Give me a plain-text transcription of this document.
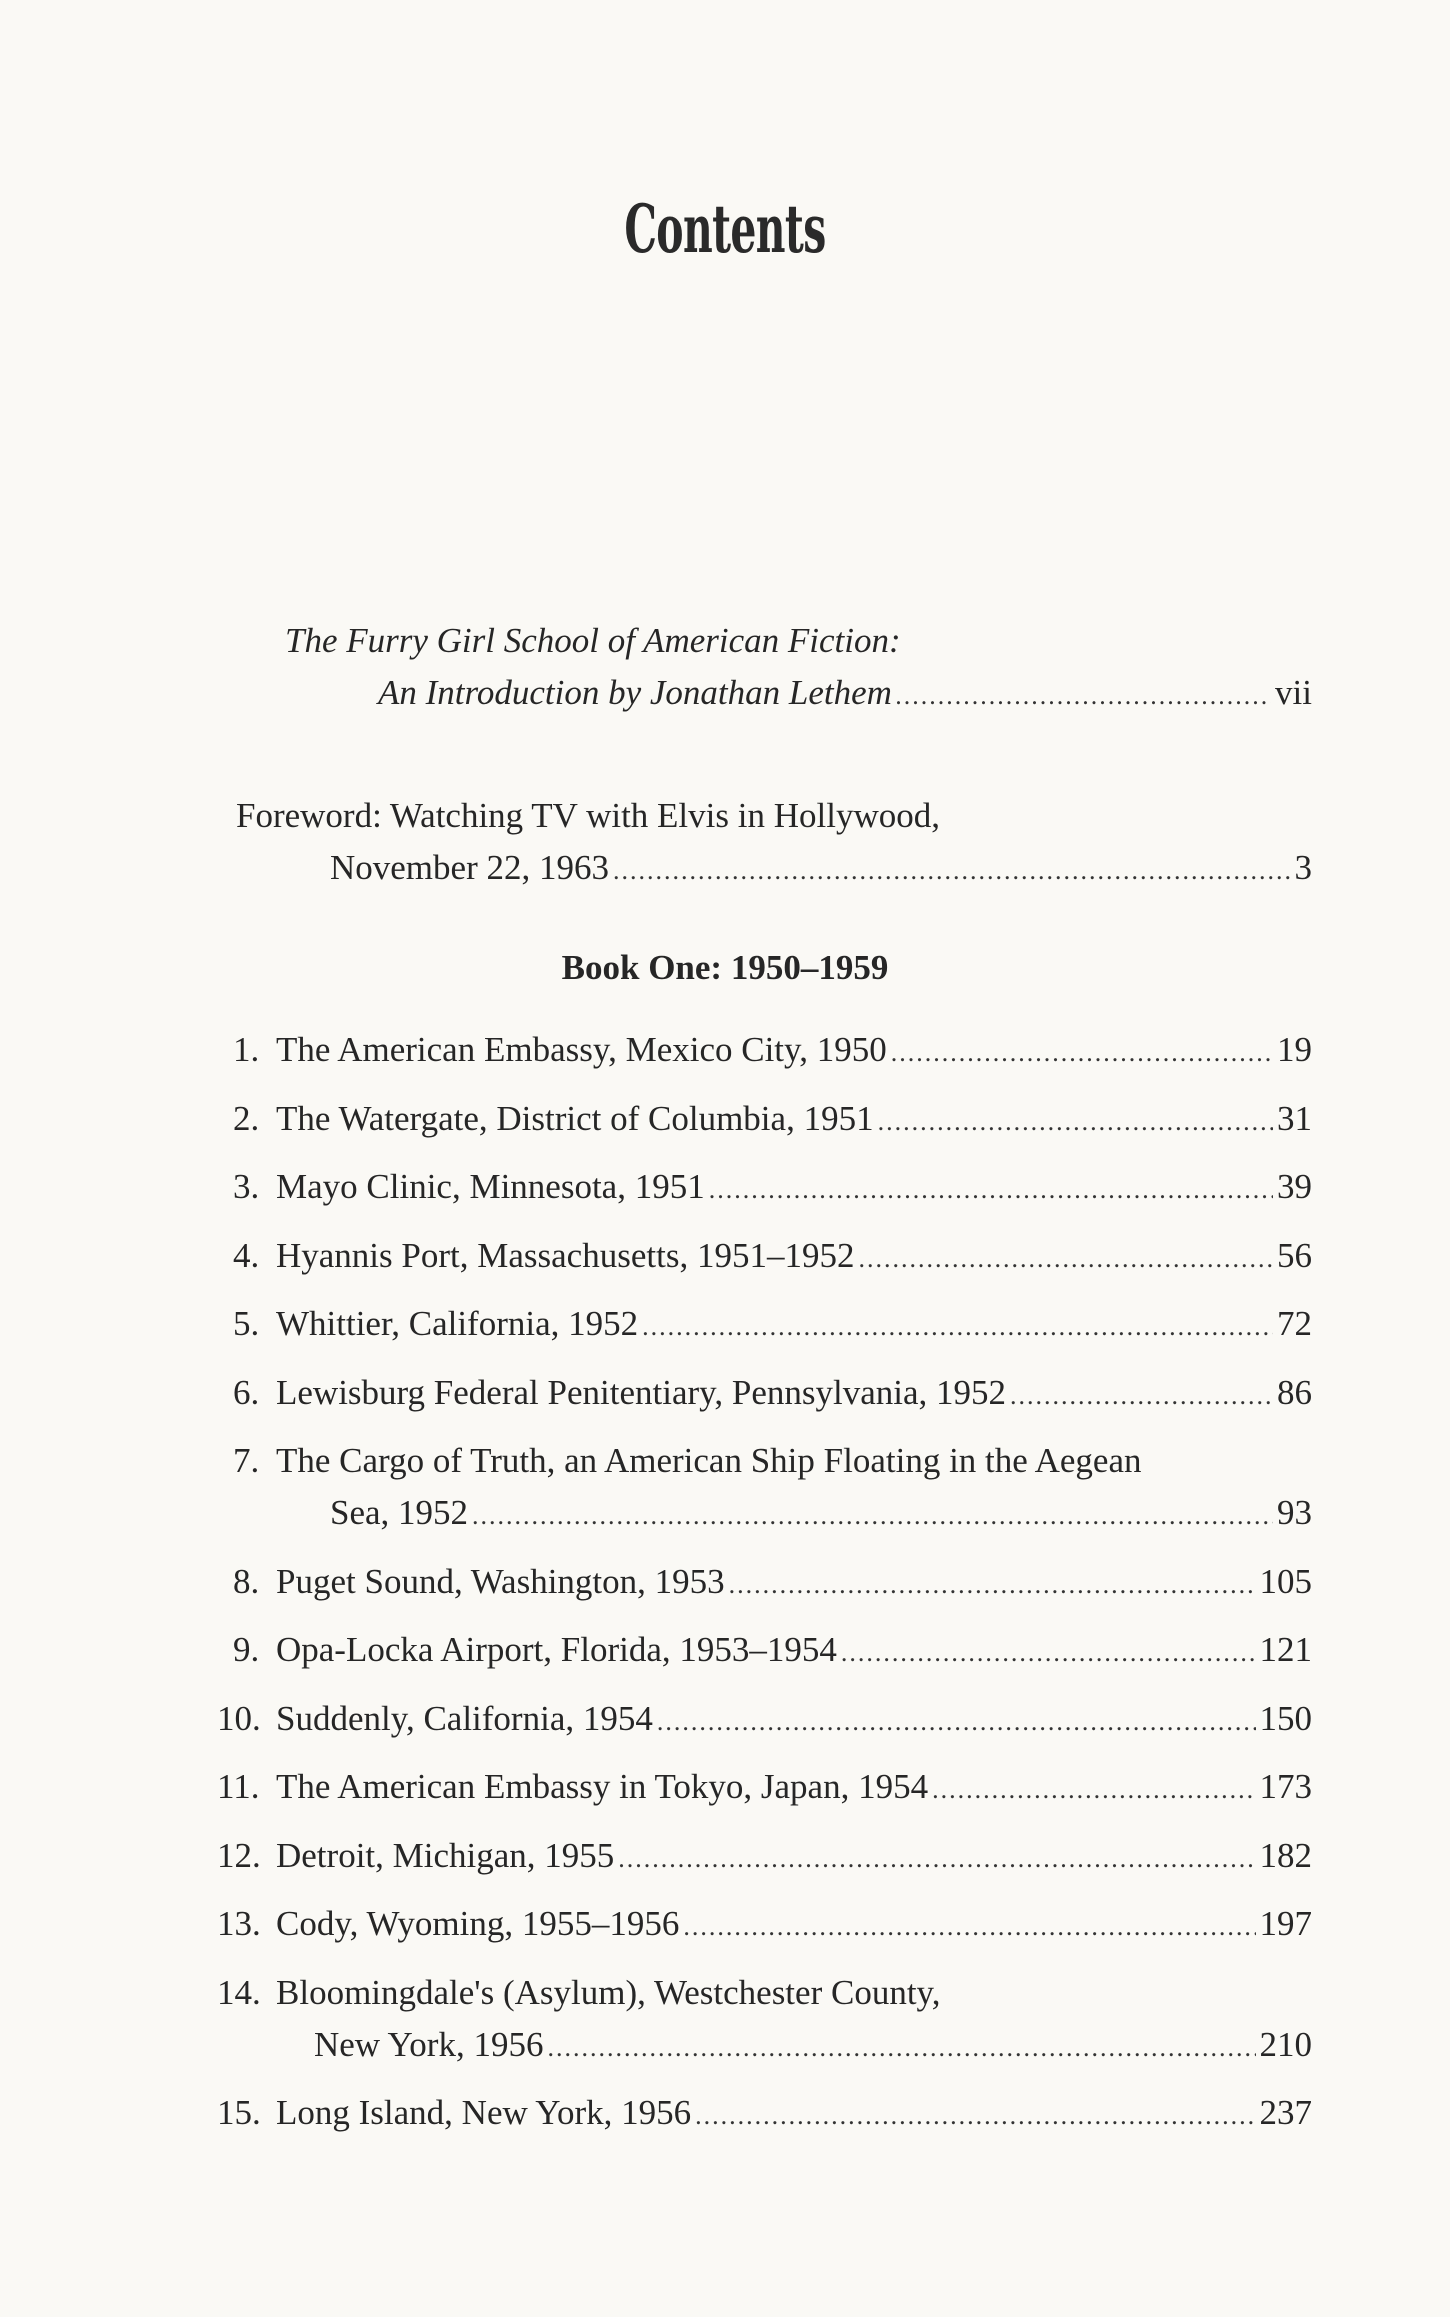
Contents
The Furry Girl School of American Fiction:
An Introduction by Jonathan Lethem .....	vii
Foreword: Watching TV with Elvis in Hollywood,
November 22, 1963 .....	3
Book One: 1950–1959
1. The American Embassy, Mexico City, 1950 .....	19
2. The Watergate, District of Columbia, 1951 .....	31
3. Mayo Clinic, Minnesota, 1951 .....	39
4. Hyannis Port, Massachusetts, 1951–1952 .....	56
5. Whittier, California, 1952 .....	72
6. Lewisburg Federal Penitentiary, Pennsylvania, 1952 .....	86
7. The Cargo of Truth, an American Ship Floating in the Aegean
Sea, 1952 .....	93
8. Puget Sound, Washington, 1953 .....	105
9. Opa-Locka Airport, Florida, 1953–1954 .....	121
10. Suddenly, California, 1954 .....	150
11. The American Embassy in Tokyo, Japan, 1954 .....	173
12. Detroit, Michigan, 1955 .....	182
13. Cody, Wyoming, 1955–1956 .....	197
14. Bloomingdale's (Asylum), Westchester County,
New York, 1956 .....	210
15. Long Island, New York, 1956 .....	237
